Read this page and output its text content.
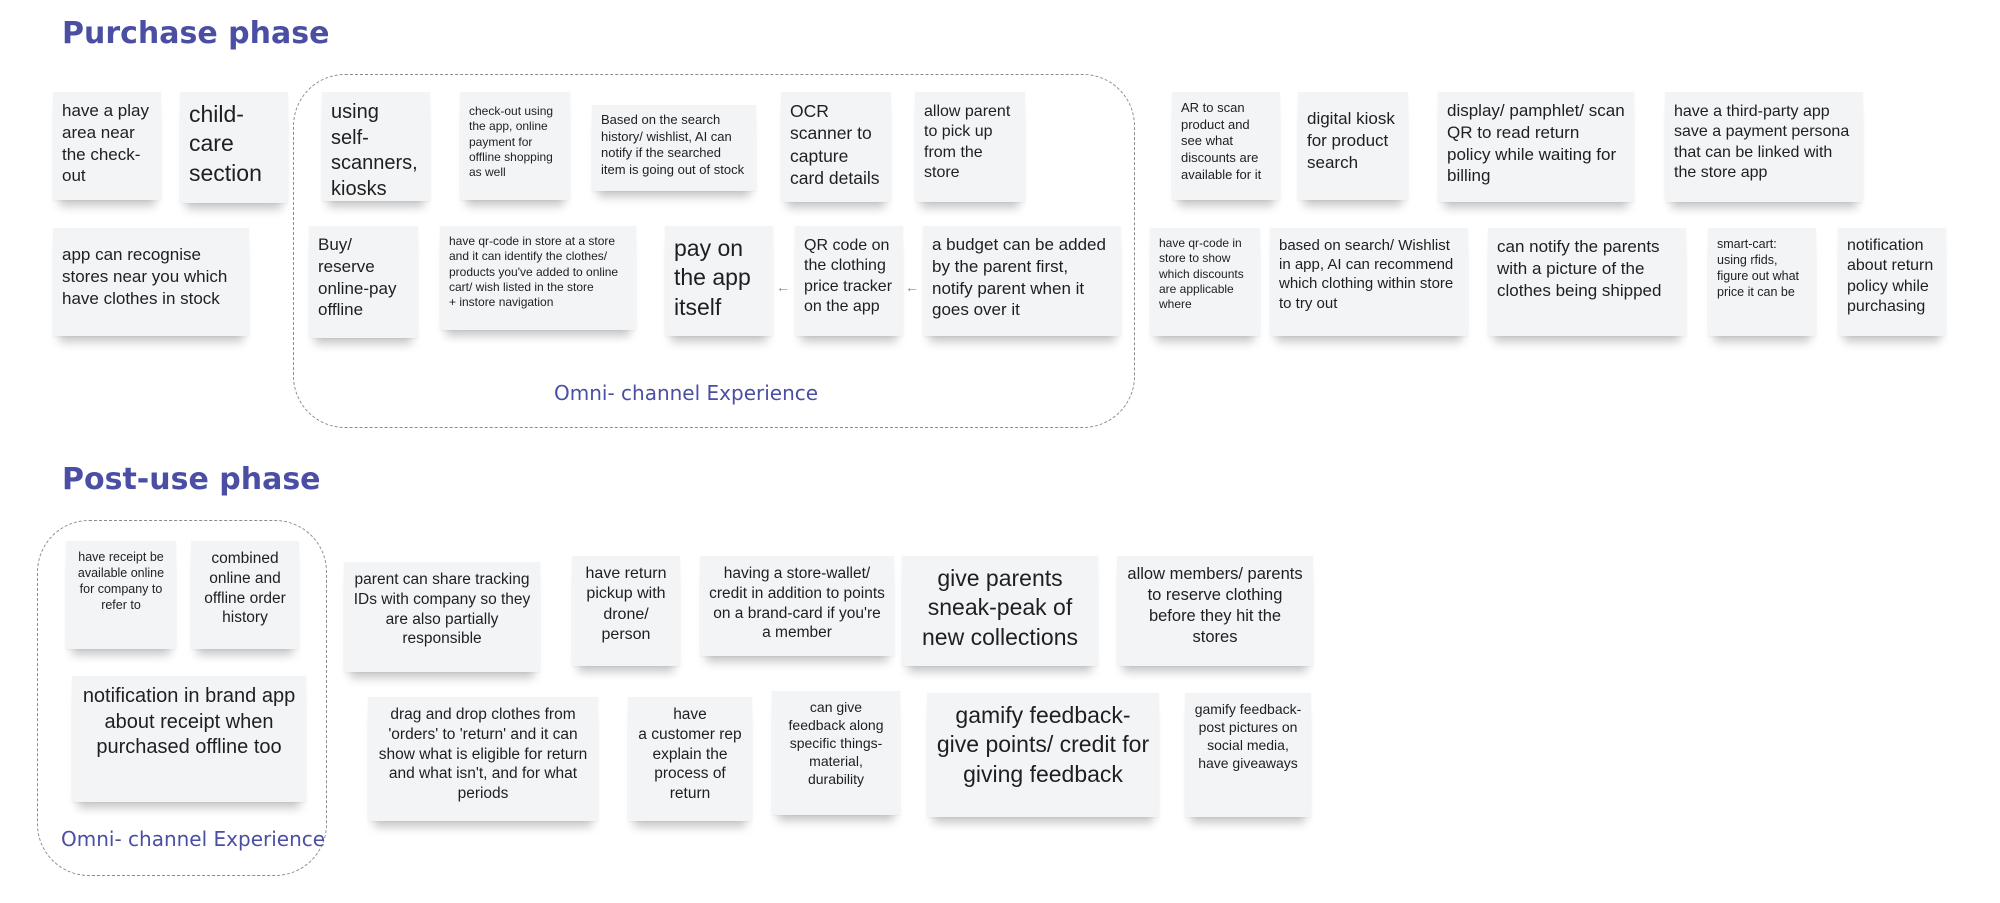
Purchase phase
Omni- channel Experience
have a play area near the check-out
child-care section
using self-scanners, kiosks
check-out using the app, online payment for offline shopping as well
Based on the search history/ wishlist, AI can notify if the searched item is going out of stock
OCR scanner to capture card details
allow parent to pick up from the store
AR to scan product and see what discounts are available for it
digital kiosk for product search
display/ pamphlet/ scan QR to read return policy while waiting for billing
have a third-party app save a payment persona that can be linked with the store app
app can recognise stores near you which have clothes in stock
Buy/ reserve online-pay offline
have qr-code in store at a store and it can identify the clothes/ products you've added to online cart/ wish listed in the store
+ instore navigation
pay on the app itself
QR code on the clothing price tracker on the app
a budget can be added by the parent first, notify parent when it goes over it
have qr-code in store to show which discounts are applicable where
based on search/ Wishlist in app, AI can recommend which clothing within store to try out
can notify the parents with a picture of the clothes being shipped
smart-cart: using rfids, figure out what price it can be
notification about return policy while purchasing
←	←
Post-use phase
Omni- channel Experience
have receipt be available online for company to refer to
combined online and offline order history
notification in brand app about receipt when purchased offline too
parent can share tracking IDs with company so they are also partially responsible
have return pickup with drone/ person
having a store-wallet/ credit in addition to points on a brand-card if you're a member
give parents sneak-peak of new collections
allow members/ parents to reserve clothing before they hit the stores
drag and drop clothes from 'orders' to 'return' and it can show what is eligible for return and what isn't, and for what periods
have
a customer rep explain the process of return
can give feedback along specific things- material, durability
gamify feedback- give points/ credit for giving feedback
gamify feedback- post pictures on social media, have giveaways
